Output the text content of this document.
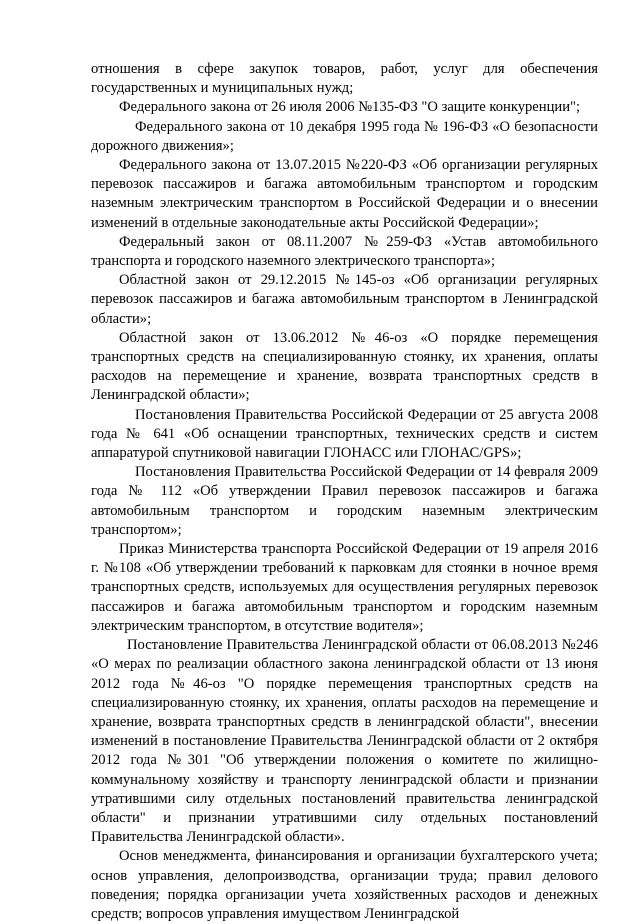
отношения в сфере закупок товаров, работ, услуг для обеспечения государственных и муниципальных нужд;

Федерального закона от 26 июля 2006 №135-ФЗ "О защите конкуренции";

Федерального закона от 10 декабря 1995 года № 196-ФЗ «О безопасности дорожного движения»;

Федерального закона от 13.07.2015 №220-ФЗ «Об организации регулярных перевозок пассажиров и багажа автомобильным транспортом и городским наземным электрическим транспортом в Российской Федерации и о внесении изменений в отдельные законодательные акты Российской Федерации»;

Федеральный закон от 08.11.2007 №259-ФЗ «Устав автомобильного транспорта и городского наземного электрического транспорта»;

Областной закон от 29.12.2015 №145-оз «Об организации регулярных перевозок пассажиров и багажа автомобильным транспортом в Ленинградской области»;

Областной закон от 13.06.2012 №46-оз «О порядке перемещения транспортных средств на специализированную стоянку, их хранения, оплаты расходов на перемещение и хранение, возврата транспортных средств в Ленинградской области»;

Постановления Правительства Российской Федерации от 25 августа 2008 года № 641 «Об оснащении транспортных, технических средств и систем аппаратурой спутниковой навигации ГЛОНАСС или ГЛОНАС/GPS»;

Постановления Правительства Российской Федерации от 14 февраля 2009 года № 112 «Об утверждении Правил перевозок пассажиров и багажа автомобильным транспортом и городским наземным электрическим транспортом»;

Приказ Министерства транспорта Российской Федерации от 19 апреля 2016 г. №108 «Об утверждении требований к парковкам для стоянки в ночное время транспортных средств, используемых для осуществления регулярных перевозок пассажиров и багажа автомобильным транспортом и городским наземным электрическим транспортом, в отсутствие водителя»;

Постановление Правительства Ленинградской области от 06.08.2013 №246 «О мерах по реализации областного закона ленинградской области от 13 июня 2012 года №46-оз "О порядке перемещения транспортных средств на специализированную стоянку, их хранения, оплаты расходов на перемещение и хранение, возврата транспортных средств в ленинградской области", внесении изменений в постановление Правительства Ленинградской области от 2 октября 2012 года №301 "Об утверждении положения о комитете по жилищно-коммунальному хозяйству и транспорту ленинградской области и признании утратившими силу отдельных постановлений правительства ленинградской области" и признании утратившими силу отдельных постановлений Правительства Ленинградской области».

Основ менеджмента, финансирования и организации бухгалтерского учета; основ управления, делопроизводства, организации труда; правил делового поведения; порядка организации учета хозяйственных расходов и денежных средств; вопросов управления имуществом Ленинградской
